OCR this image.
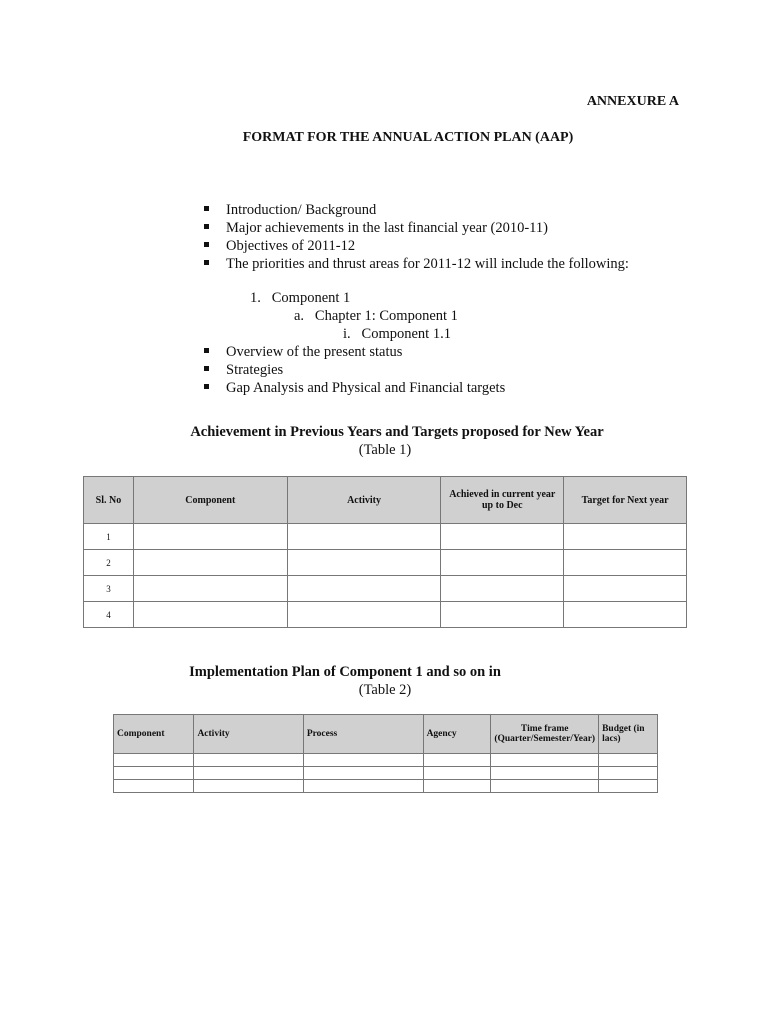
ANNEXURE A
FORMAT FOR THE ANNUAL ACTION PLAN (AAP)
Introduction/ Background
Major achievements in the last financial year (2010-11)
Objectives of 2011-12
The priorities and thrust areas for 2011-12 will include the following:
1.   Component 1
a.   Chapter 1: Component 1
i.   Component 1.1
Overview of the present status
Strategies
Gap Analysis and Physical and Financial targets
Achievement in Previous Years and Targets proposed for New Year
(Table 1)
Sl. No	Component	Activity	Achieved in current year up to Dec	Target for Next year
1				
2				
3				
4				
Implementation Plan of Component 1 and so on in
(Table 2)
Component	Activity	Process	Agency	Time frame (Quarter/Semester/Year)	Budget (in lacs)
